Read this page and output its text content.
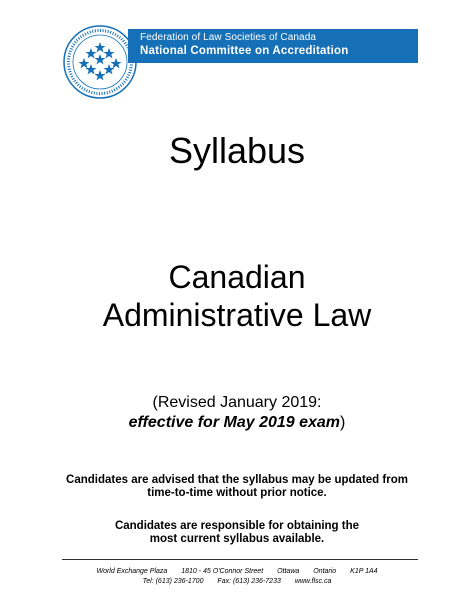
Federation of Law Societies of Canada
National Committee on Accreditation
Syllabus
Canadian
Administrative Law
(Revised January 2019:
effective for May 2019 exam)
Candidates are advised that the syllabus may be updated from
time-to-time without prior notice.
Candidates are responsible for obtaining the
most current syllabus available.
World Exchange Plaza 1810 - 45 O'Connor Street Ottawa Ontario K1P 1A4
Tel: (613) 236-1700 Fax: (613) 236-7233 www.flsc.ca
